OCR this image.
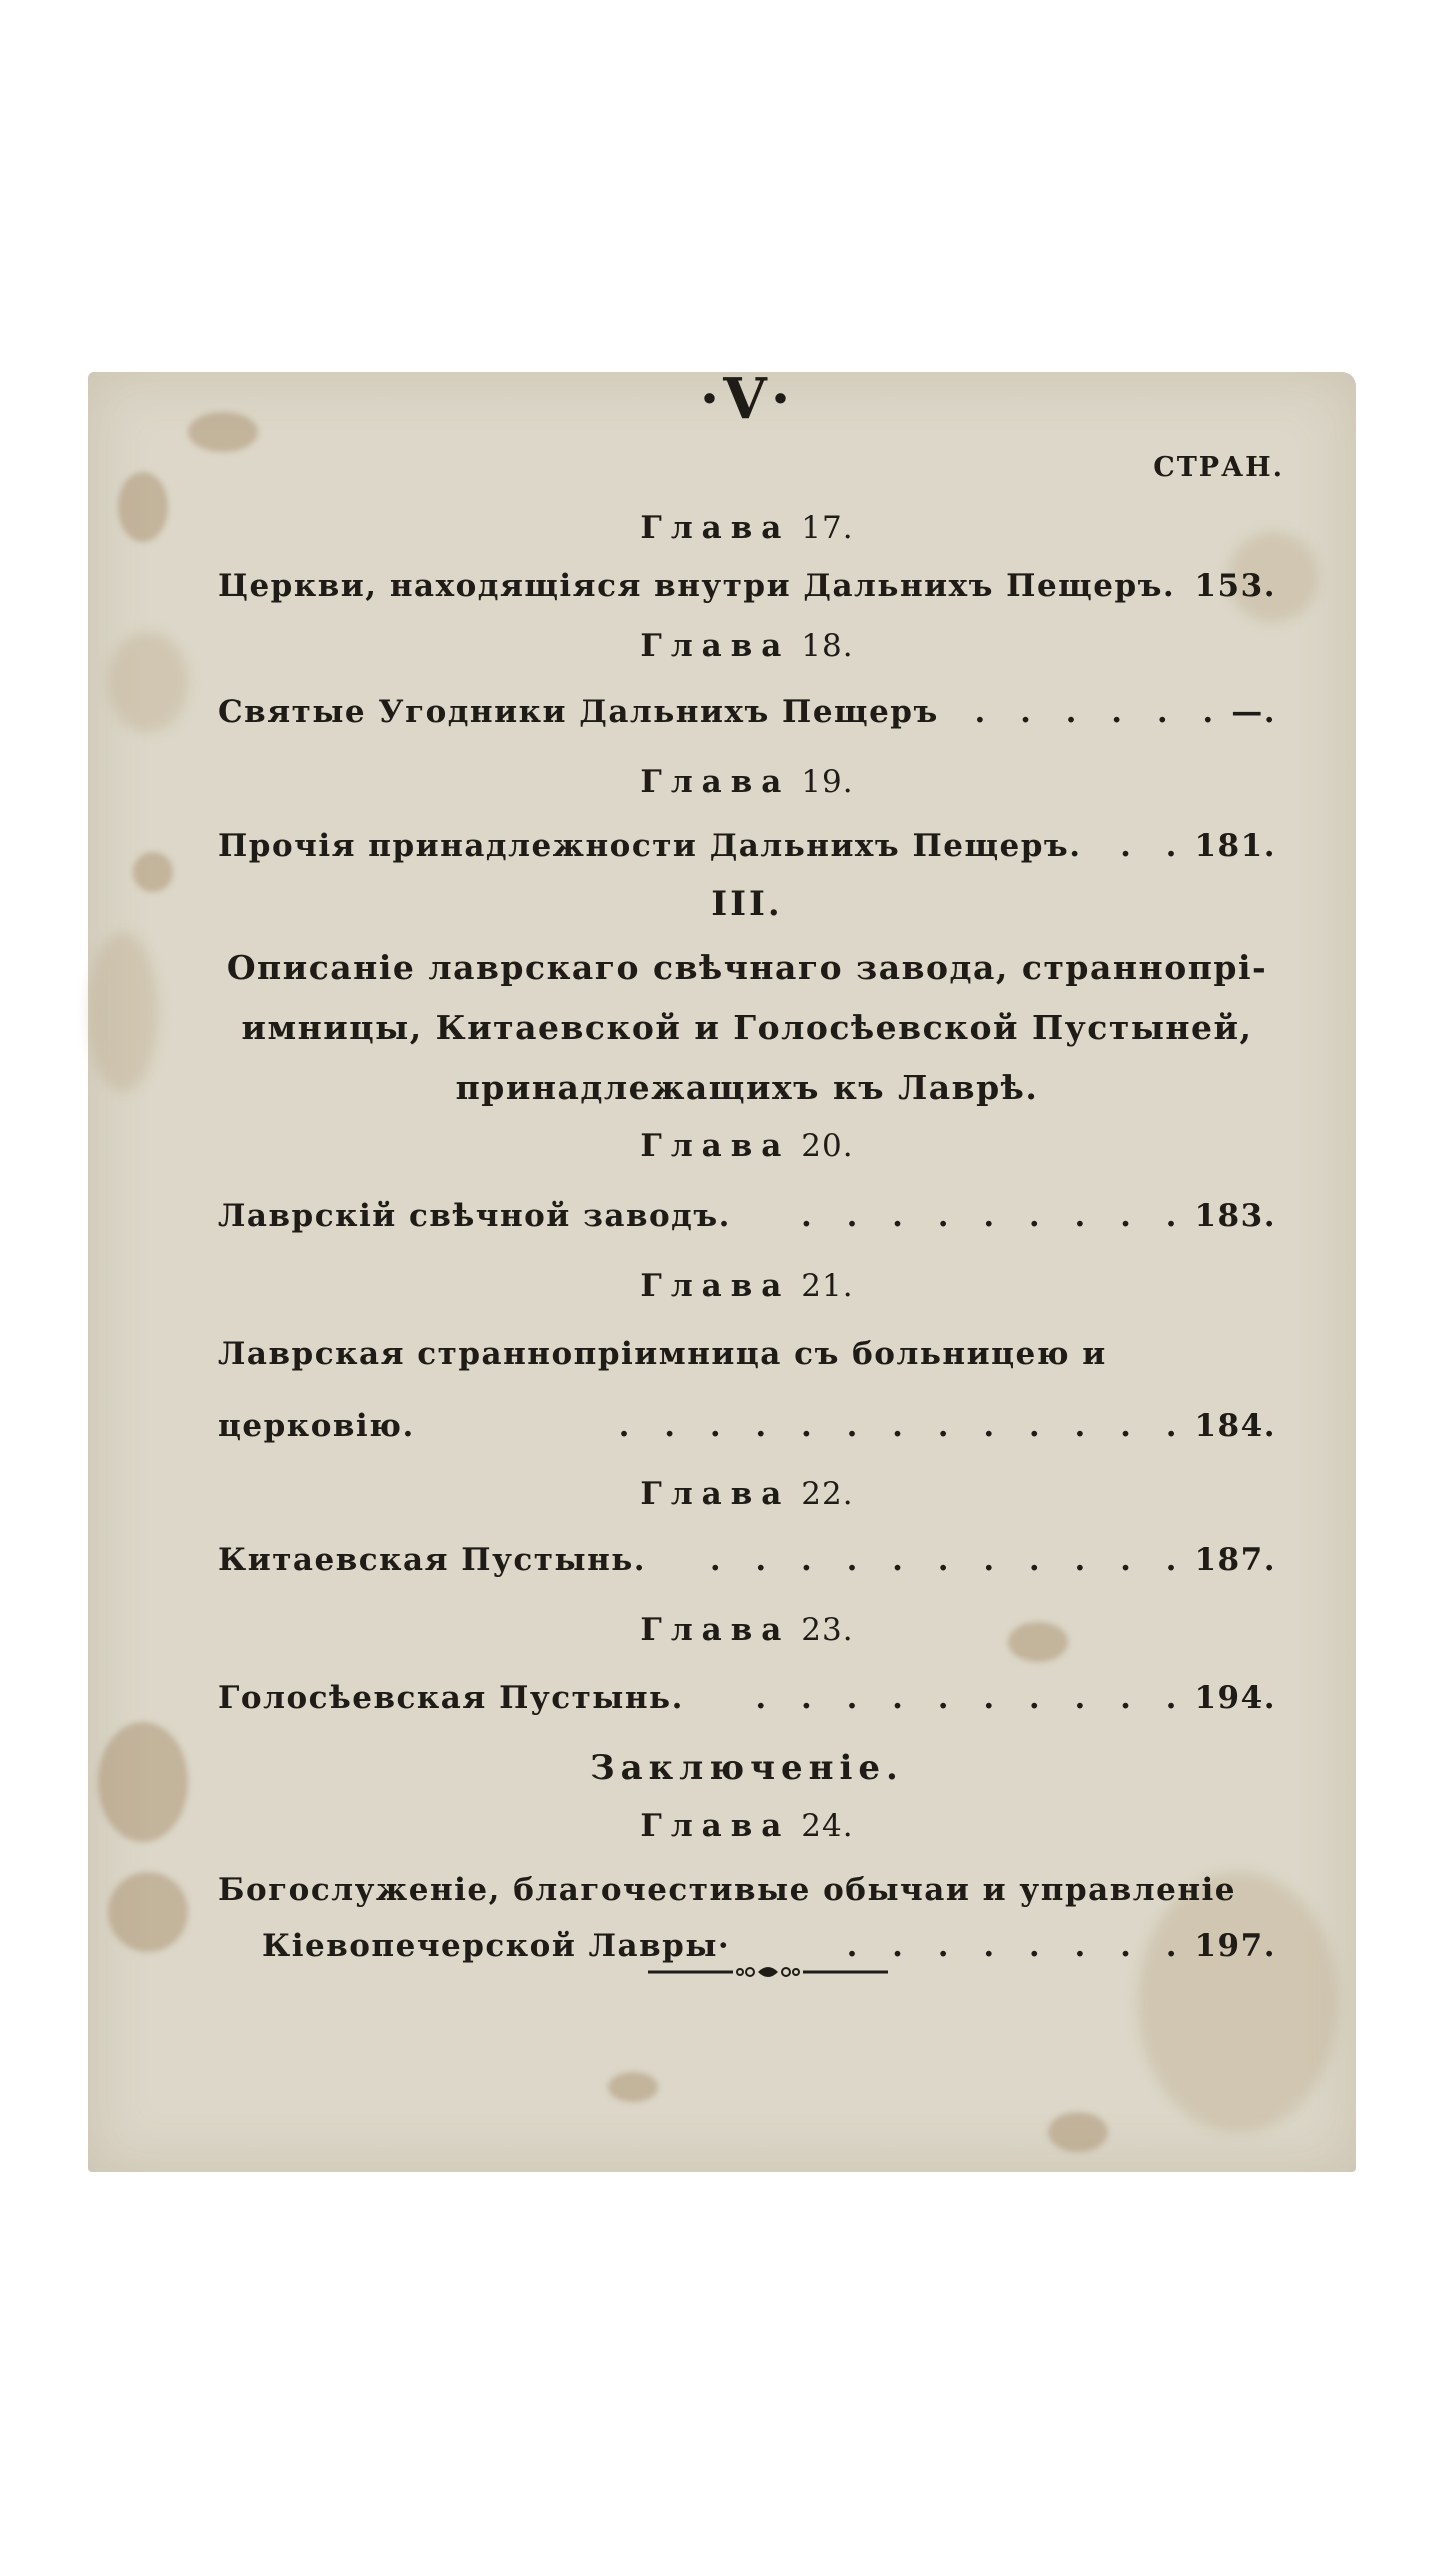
·V·
СТРАН.
Глава 17.
Церкви, находящіяся внутри Дальнихъ Пещеръ. 153.
Глава 18.
Святые Угодники Дальнихъ Пещеръ	. . . . . . —.
Глава 19.
Прочія принадлежности Дальнихъ Пещеръ.	. . 181.
III.
Описаніе лаврскаго свѣчнаго завода, страннопрі-
имницы, Китаевской и Голосѣевской Пустыней,
принадлежащихъ къ Лаврѣ.
Глава 20.
Лаврскій свѣчной заводъ.	. . . . . . . . . 183.
Глава 21.
Лаврская страннопріимница съ больницею и
церковію.	. . . . . . . . . . . . . 184.
Глава 22.
Китаевская Пустынь.	. . . . . . . . . . . 187.
Глава 23.
Голосѣевская Пустынь.	. . . . . . . . . . 194.
Заключеніе.
Глава 24.
Богослуженіе, благочестивые обычаи и управленіе
Кіевопечерской Лавры·	. . . . . . . . 197.
